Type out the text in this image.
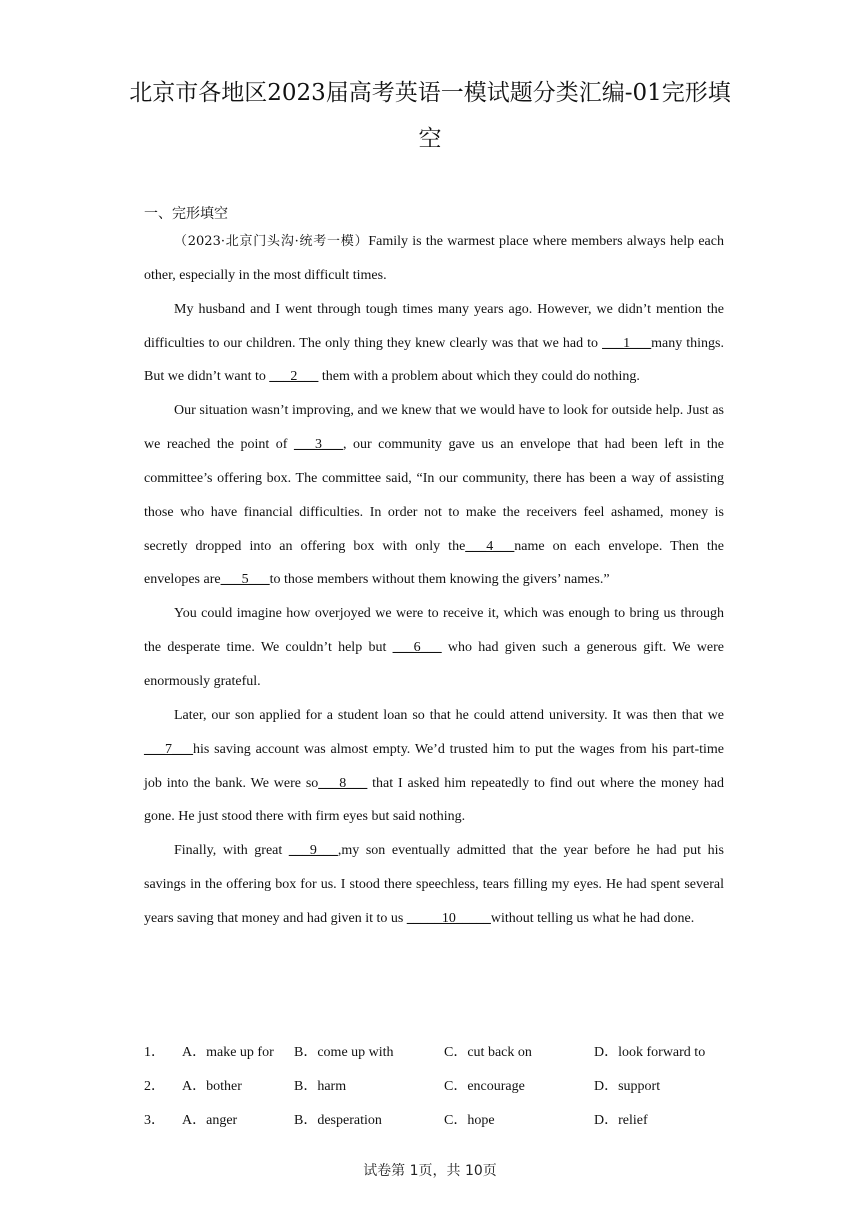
北京市各地区2023届高考英语一模试题分类汇编-01完形填
空
一、完形填空

（2023·北京门头沟·统考一模）Family is the warmest place where members always help each other, especially in the most difficult times.

My husband and I went through tough times many years ago. However, we didn’t mention the difficulties to our children. The only thing they knew clearly was that we had to ___1___many things. But we didn’t want to ___2___ them with a problem about which they could do nothing.

Our situation wasn’t improving, and we knew that we would have to look for outside help. Just as we reached the point of ___3___, our community gave us an envelope that had been left in the committee’s offering box. The committee said, “In our community, there has been a way of assisting those who have financial difficulties. In order not to make the receivers feel ashamed, money is secretly dropped into an offering box with only the___4___name on each envelope. Then the envelopes are___5___to those members without them knowing the givers’ names.”

You could imagine how overjoyed we were to receive it, which was enough to bring us through the desperate time. We couldn’t help but ___6___ who had given such a generous gift. We were enormously grateful.

Later, our son applied for a student loan so that he could attend university. It was then that we ___7___his saving account was almost empty. We’d trusted him to put the wages from his part-time job into the bank. We were so___8___ that I asked him repeatedly to find out where the money had gone. He just stood there with firm eyes but said nothing.

Finally, with great ___9___,my son eventually admitted that the year before he had put his savings in the offering box for us. I stood there speechless, tears filling my eyes. He had spent several years saving that money and had given it to us _____10_____without telling us what he had done.

1．	A．make up for	B．come up with	C．cut back on	D．look forward to
2．	A．bother	B．harm	C．encourage	D．support
3．	A．anger	B．desperation	C．hope	D．relief
试卷第 1页，共 10页
